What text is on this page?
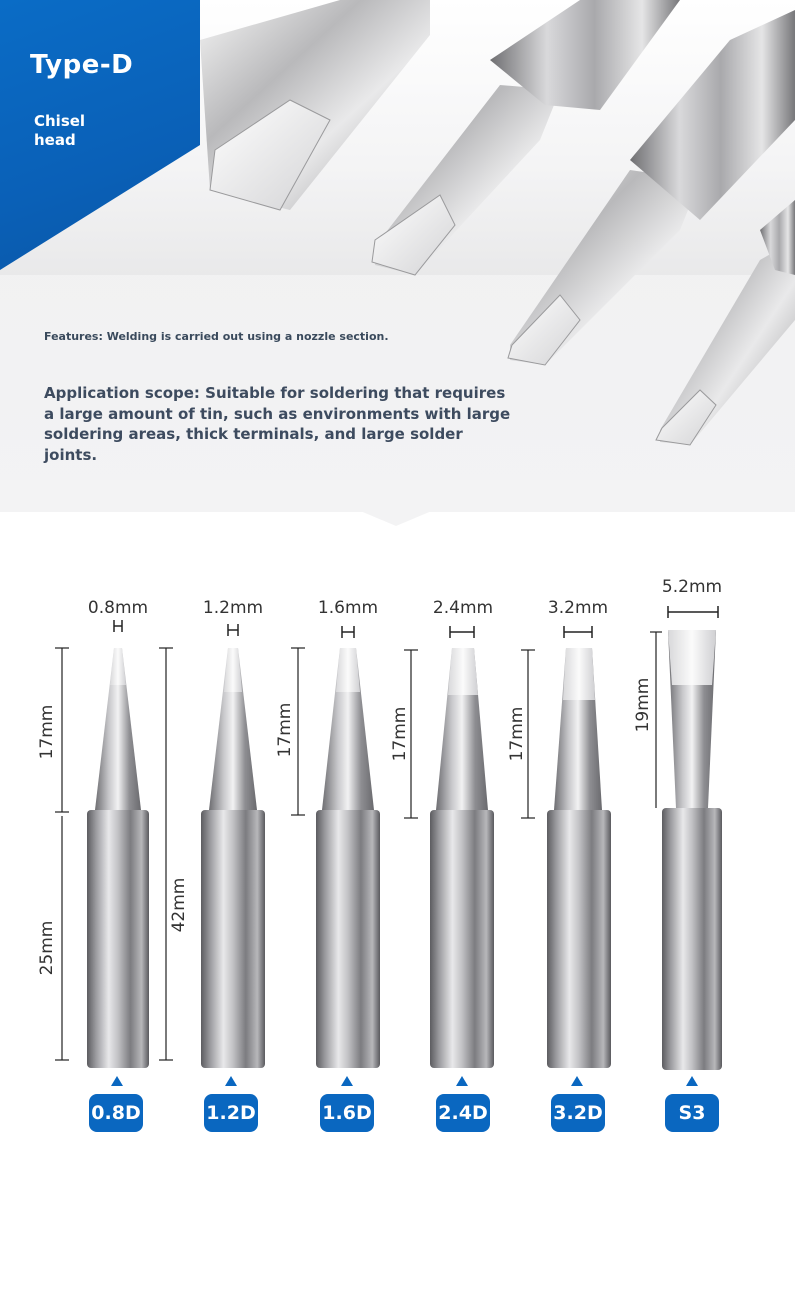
Type-D
Chisel head
Features: Welding is carried out using a nozzle section.
Application scope: Suitable for soldering that requires a large amount of tin, such as environments with large soldering areas, thick terminals, and large solder joints.
0.8mm	1.2mm	1.6mm	2.4mm	3.2mm
5.2mm
17mm
25mm
42mm
17mm	17mm	17mm
19mm
0.8D	1.2D	1.6D	2.4D	3.2D	S3
